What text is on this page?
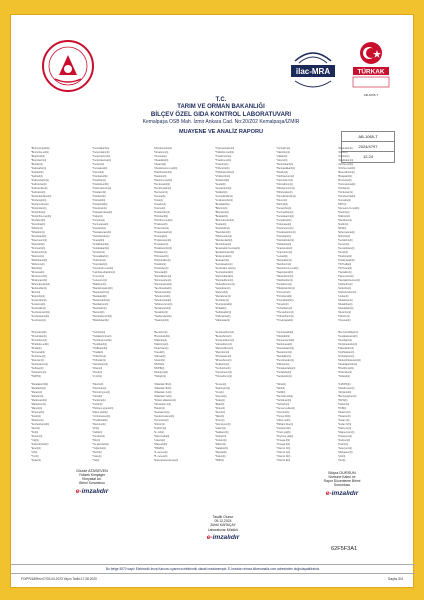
ilac-MRA	TÜRKAK
AB-1065-T
AB-1065-T
2024/4797
12.24
T.C.
TARIM VE ORMAN BAKANLIĞI
BİLÇEV ÖZEL GIDA KONTROL LABORATUVARI
Kemalpaşa OSB Mah. İzmir Ankara Cad. No:20/Z02 Kemalpaşa/İZMİR
MUAYENE VE ANALİZ RAPORU
*Bromopropilat(ti)
*Bromofos-etil(ti)
*Bupirimat(ti)
*Buprofezin(ti)
*Butralin(ti)
*Kadusafos(ti)
*Kaptafol(ti)
*Karbaril(ti)
*Karbendazim(ti)
*Karbofuran(ti)
*Karbosulfan(ti)
*Karboksin(ti)
*Klorantraniliprol(ti)
*Klorfenapir(ti)
*Klorfenvinfos(ti)
*Klorprofam(ti)
*Klorpirifos(ti)
*Klorpirifos-metil(ti)
*Klortalonil(ti)
*Klozolinat(ti)
*Siflutrin(ti)
*Sihalotrin(ti)
*Simoksanil(ti)
*Sipermetrin(ti)
*Siprodinil(ti)
*Siromazin(ti)
*Deltametrin(ti)
*Diazinon(ti)
*Diklofluanid(ti)
*Diklorvos(ti)
*Dikofol(ti)
*Dimetoat(ti)
*Dimetomorf(ti)
*Dinikonazol(ti)
*Difenokonazol(ti)
*Endosulfan(ti)
*Etion(ti)
*Etoprofos(ti)
*Fenamidon(ti)
*Fenarimol(ti)
*Fenazakin(ti)
*Fenbukonazol(ti)
*Fenheksamid(ti)
*Fenitrotion(ti)
*Fenoksikarb(ti)
*Fenpropatrin(ti)
*Fenpropimorf(ti)
*Fenpiroksimat(ti)
*Fention(ti)
*Fenvalerat(ti)
*Fipronil(ti)
*Flonikamid(ti)
*Fluazifop(ti)
*Fludioksonil(ti)
*Flufenoksuron(ti)
*Flusilazol(ti)
*Flutolanil(ti)
*Flutriafol(ti)
*Fluopikolid(ti)
*Fluopiram(ti)
*Fluksapiroksad(ti)
*Folpet(ti)
*Fonofos(ti)
*Formetanat(ti)
*Fostiazat(ti)
*Heksakonazol(ti)
*Heksitiazoks(ti)
*İmazalil(ti)
*İmidakloprid(ti)
*İndoksakarb(ti)
*İprodion(ti)
*İprovalikarb(ti)
*İzofenfos(ti)
*İzoprokarb(ti)
*Kresoksim-metil(ti)
*Lambda-sihalotrin(ti)
*Linuron(ti)
*Lufenuron(ti)
*Malatiyon(ti)
*Mandipropamid(ti)
*Mepanipirim(ti)
*Metalaksil(ti)
*Metamidofos(ti)
*Metidatiyon(ti)
*Metiokarb(ti)
*Metomil(ti)
*Metoksifenozid(ti)
*Miklobutanil(ti)
*Monokrotofos(ti)
*Novaluron(ti)
*Ometoat(ti)
*Oksadiksil(ti)
*Oksamil(ti)
*Oksidemeton-metil(ti)
*Paklobutrazol(ti)
*Paration(ti)
*Paration-metil(ti)
*Penkonazol(ti)
*Pendimetalin(ti)
*Permetrin(ti)
*Fentoat(ti)
*Forat(ti)
*Fosalon(ti)
*Fosmet(ti)
*Fosfamidon(ti)
*Pirimikarb(ti)
*Pirimifos-metil(ti)
*Prokloraz(ti)
*Profenofos(ti)
*Propamokarb(ti)
*Propargit(ti)
*Propikonazol(ti)
*Propoksur(ti)
*Piraklostrobin(ti)
*Piridaben(ti)
*Pirimetanil(ti)
*Piriproksifen(ti)
*Kinalfos(ti)
*Kinoksifen(ti)
*Spinosad(ti)
*Spirodiklofen(ti)
*Spiromesifen(ti)
*Spirotetramat(ti)
*Tau-fluvalinat(ti)
*Tebukonazol(ti)
*Tebufenozid(ti)
*Tebufenpirad(ti)
*Teflubenzuron(ti)
*Tetrakonazol(ti)
*Tetradifon(ti)
*Tiyabendazol(ti)
*Tiyakloprid(ti)
*Tiyametoksam(ti)
*Tolklofos-metil(ti)
*Triadimefon(ti)
*Triadimenol(ti)
*Triazofos(ti)
*Triflumizol(ti)
*Trifloksistrobin(ti)
*Vinklozolin(ti)
*Zoksamid(ti)
*Asefat(ti)
*Asetamiprid(ti)
*Aldikarb(ti)
*Ametoktradin(ti)
*Azoksistrobin(ti)
*Benalaksil(ti)
*Bifentrin(ti)
*Bitertanol(ti)
*Boskalid(ti)
*Bromukonazol(ti)
*Kaptan(ti)
*Klotianidin(ti)
*Siazofamid(ti)
*Siflumetofen(ti)
*Dietofenkarb(ti)
*Dinotefuran(ti)
*Emamektin benzoat(ti)
*Epoksikonazol(ti)
*Etofenproks(ti)
*Etoksazol(ti)
*Famoksadon(ti)
*Fenbutatin oksit(ti)
*Fenhekzamid(ti)
*Flubendiamid(ti)
*Flupiradifuron(ti)
*Heksaflumuron(ti)
*İsopirazam(ti)
*Mepronil(ti)
*Metrafenon(ti)
*Penflufen(ti)
*Pentiyopirad(ti)
*Piridalil(ti)
*Sulfoksaflor(ti)
*Tolfenpirad(ti)
*Valifenalat(ti)
*Acrinatrin(ti)
*Aklonifen(ti)
*Alaklor(ti)
*Atrazin(ti)
*Benfurakarb(ti)
*Bentiavalikarb(ti)
*Bixafen(ti)
*Klorfluazuron(ti)
*Klorotoluron(ti)
*Klorsulfuron(ti)
*Diflubenzuron(ti)
*Diflufenikan(ti)
*Dimoksistrobin(ti)
*Diuron(ti)
*Etirimol(ti)
*Fenamifos(ti)
*Fenmedifam(ti)
*Fenoksaprop(ti)
*Fenpiklonil(ti)
*Flufenaset(ti)
*Fluometuron(ti)
*Fluoksastrobin(ti)
*Fluroksipir(ti)
*Flurokloridon(ti)
*Haloksifop(ti)
*İmazamoks(ti)
*İzoproturon(ti)
*Lenasil(ti)
*Metazaklor(ti)
*Metribuzin(ti)
*Metsulfuron-metil(ti)
*Napropamid(ti)
*Nikosulfuron(ti)
*Oksifluorfen(ti)
*Penkikuron(ti)
*Pikoksistrobin(ti)
*Prometrin(ti)
*Propizamid(ti)
*Prosulfokarb(ti)
*Simazin(ti)
*Terbutilazin(ti)
*Tifensulfuron(ti)
*Triflusulfuron(ti)
*Trinekzapak(ti)
*Abamektin(ti)
*Aldrin(ti)
*Amitraz(ti)
*Azadiraktin(ti)
*Azinfos-etil(ti)
*Azinfos-metil(ti)
*Beta-siflutrin(ti)
*Binapakril(ti)
*Bromofos(ti)
*Kinometionat(ti)
*Klordan(ti)
*Klorfenson(ti)
*Klorobenzilat(ti)
*Kumafos(ti)
*DDT(ti)
*Demeton-S-metil(ti)
*Dieldrin(ti)
*Dikloran(ti)
*Disulfoton(ti)
*Endrin(ti)
*EPN(ti)
*Esfenvalerat(ti)
*Etrimfos(ti)
*Fenklorfos(ti)
*Fenson(ti)
*Fensulfotion(ti)
*Fentin(ti)
*Flusitrinat(ti)
*Furatiyokarb(ti)
*HCH-alfa(ti)
*HCH-beta(ti)
*Heptaklor(ti)
*Heptenofos(ti)
*Hekzaklorbenzen(ti)
*İodofenfos(ti)
*İsofenfos(ti)
*Karbofenotion(ti)
*Lindan(ti)
*Mekarbam(ti)
*Metakrifos(ti)
*Metoksiklor(ti)
*Mevinfos(ti)
*Nitrofen(ti)
*Ometoat(ti)
*Propizamid(ti)
*Prosimidon(ti)
*Prosulfuron(ti)
*Piraflufen-etil(ti)
*Piridat(ti)
*Kinmerak(ti)
*Kuintozen(ti)
*Rotenon(ti)
*Spiroksamin(ti)
*Sulfotep(ti)
*Tekanazen(ti)
*TEPP(ti)
*Terbufos(ti)
*Tetraklorvinfos(ti)
*Tiyofanat-metil(ti)
*Tiyodikarb(ti)
*Tolilfluanid(ti)
*Triallat(ti)
*Triklorfon(ti)
*Trifluralin(ti)
*Vamidotion(ti)
*Ziram(ti)
*Zineb(ti)
*2,4-D(ti)
*Bentazon(ti)
*Bromoksinil(ti)
*Dikamba(ti)
*Diklorprop(ti)
*Fluazinam(ti)
*Fosetil(ti)
*Glifosat(ti)
*İoksinil(ti)
*MCPA(ti)
*MCPB(ti)
*Mekoprop(ti)
*Triklopir(ti)
*Amidosulfuron(ti)
*Bensulfuron(ti)
*Foramsulfuron(ti)
*İodosulfuron(ti)
*Mesosulfuron(ti)
*Mezotrion(ti)
*Pinoksaden(ti)
*Rimsulfuron(ti)
*Sulkotrion(ti)
*Tembotrion(ti)
*Topramezon(ti)
*Tritosulfuron(ti)
*Aminopiralid(ti)
*Klopiralid(ti)
*Dimetenamid(ti)
*Etofumesat(ti)
*Flumioksazin(ti)
*Metamitron(ti)
*Metolaklor(ti)
*Pendimetalin(ti)
*Pikloram(ti)
*Propakuizafop(ti)
*Kuizalofop(ti)
*Setoksidim(ti)
*Benzovindiflupir(ti)
*Fenpikoksamid(ti)
*Fluindapir(ti)
*Florpirauksifen(ti)
*Halauksifen(ti)
*İnpirfluksam(ti)
*İzoflusipram(ti)
*Mefentriflukonazol(ti)
*Oksatiapiprolin(ti)
*Piraziflumid(ti)
*Pirifenoks(ti)
*Tiofanat(ti)
*Metalaksil-M(ti)
*Metaldehit(ti)
*Metam(ti)
*Metiram(ti)
*Metkonazol(ti)
*Mankozeb(ti)
*Maneb(ti)
*Propineb(ti)
*Dodin(ti)
*Ditianon(ti)
*Fenhekzamid(ti)
*Nikotin(ti)
*Piretrinler(ti)
*Bromid iyonu(ti)
*Klorat(ti)
*Perklorat(ti)
*Fosfin(ti)
*Hidrojen siyanür(ti)
*Etilen oksit(ti)
*2-Kloroetanol(ti)
*Trietilfosfat(ti)
*Dazomet(ti)
*Aflatoksin B1(ti)
*Aflatoksin B2(ti)
*Aflatoksin G1(ti)
*Aflatoksin G2(ti)
*Toplam aflatoksin(ti)
*Okratoksin A(ti)
*Patulin(ti)
*Zearalenon(ti)
*Deoksinivalenol(ti)
*Fumonisin(ti)
*Sitrinin(ti)
*Kurşun(ti)
*Kadmiyum(ti)
*Cıva(ti)
*Arsenik(ti)
*Kalay(ti)
*Bakır(ti)
*Çinko(ti)
*Demir(ti)
*Nikel(ti)
*Krom(ti)
*Alüminyum(ti)
*Nitrat(ti)
*Nitrit(ti)
*Sülfit(ti)
*Benzoik asit(ti)
*Sorbik asit(ti)
*Tartrazin(ti)
*Sunset yellow(ti)
*Azorubin(ti)
*Ponso 4R(ti)
*Allura red(ti)
*Brilliant blue(ti)
*3-MCPD(ti)
*Glisidil ester(ti)
*Akrilamid(ti)
*Benzo(a)piren(ti)
*PAH4(ti)
*Dioksin(ti)
*PCB(ti)
*Melamin(ti)
*Histamin(ti)
*Sudan I(ti)
*Sudan IV(ti)
*Nem(ti)
*Kül(ti)
*Protein(ti)
*Yağ(ti)
*Karbonhidrat(ti)
*Enerji(ti)
*Lif(ti)
*Tuz(ti)
*Şeker(ti)
*pH(ti)
*Asitlik(ti)
*Peroksit(ti)
*Brix(ti)
*Su aktivitesi(ti)
*Yoğunluk(ti)
*Renk(ti)
*Koku(ti)
*Tat(ti)
*Koliform(ti)
*E. coli(ti)
*Salmonella(ti)
*Listeria(ti)
*Maya-küf(ti)
*TMAB(ti)
*S. aureus(ti)
*B. cereus(ti)
*Enterobacteriaceae(ti)
*Laktoz(ti)
*Sakkaroz(ti)
*Glukoz(ti)
*Fruktoz(ti)
*Maltoz(ti)
*Galaktoz(ti)
*Nişasta(ti)
*Kafein(ti)
*HMF(ti)
*Kolesterol(ti)
*Trans yağ(ti)
*Doymuş yağ(ti)
*Omega-3(ti)
*Omega-6(ti)
*Vitamin C(ti)
*Vitamin A(ti)
*Vitamin D(ti)
*Vitamin E(ti)
*Kalsiyum(ti)
*Magnezyum(ti)
*Potasyum(ti)
*Sodyum(ti)
*Fosfor(ti)
*Selenyum(ti)
*Manganez(ti)
*İyot(ti)
*Flor(ti)
Gözde ATASEVEN
Yüksek Kimyager
Kimyasal An.
Birimi Sorumlusu
e-imzalıdır
Tasdik Olunur
09.12.2024
Zühtü KARAÇAY
Laboratuvar Müdürü
e-imzalıdır
Büşra DURSUN
Numune Kabul ve
Rapor Düzenleme Birimi
Sorumlusu
e-imzalıdır
62F5F3A1
Bu belge 5070 sayılı Elektronik İmza Kanunu uyarınca elektronik olarak imzalanmıştır. E-İmzaları eimza.bilcevanaliz.com adresinden doğrulayabilirsiniz.
FO/PR/18/Rev.07/03.04.2023 Yayın Tarihi:17.08.2020	Sayfa 3/4
